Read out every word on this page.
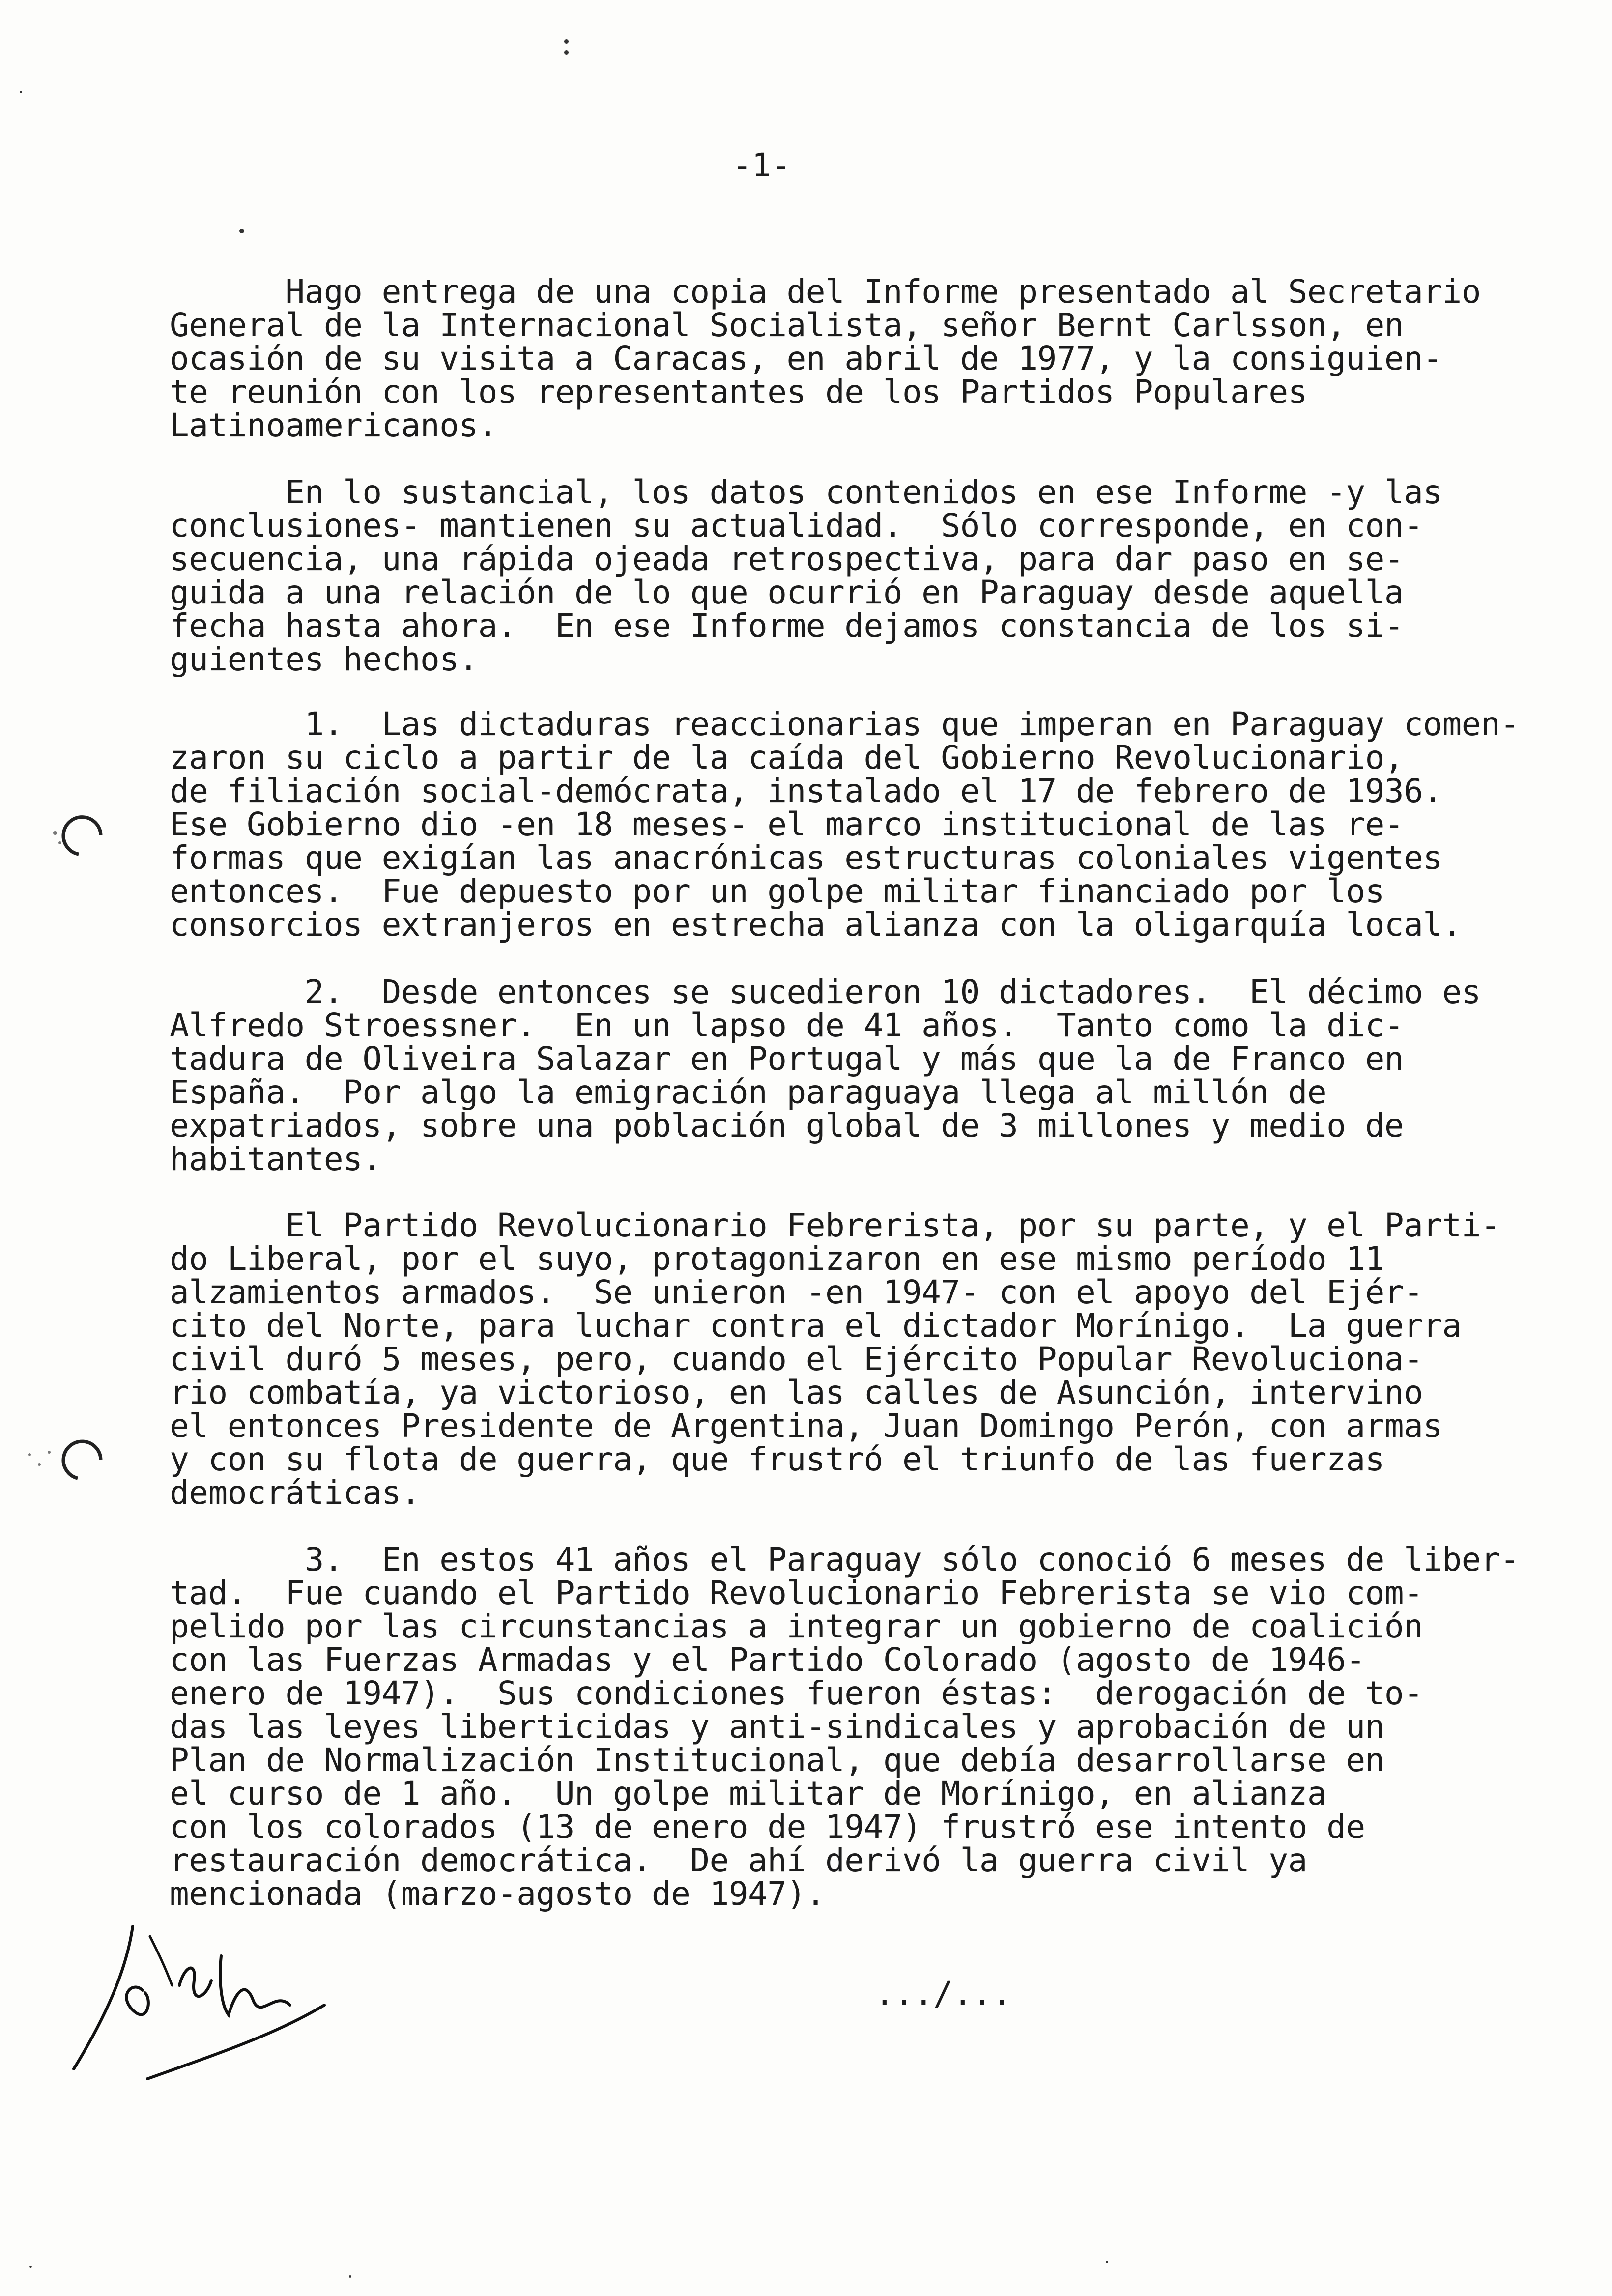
-1-
Hago entrega de una copia del Informe presentado al Secretario
General de la Internacional Socialista, señor Bernt Carlsson, en
ocasión de su visita a Caracas, en abril de 1977, y la consiguien-
te reunión con los representantes de los Partidos Populares
Latinoamericanos.
En lo sustancial, los datos contenidos en ese Informe -y las
conclusiones- mantienen su actualidad.  Sólo corresponde, en con-
secuencia, una rápida ojeada retrospectiva, para dar paso en se-
guida a una relación de lo que ocurrió en Paraguay desde aquella
fecha hasta ahora.  En ese Informe dejamos constancia de los si-
guientes hechos.
1.  Las dictaduras reaccionarias que imperan en Paraguay comen-
zaron su ciclo a partir de la caída del Gobierno Revolucionario,
de filiación social-demócrata, instalado el 17 de febrero de 1936.
Ese Gobierno dio -en 18 meses- el marco institucional de las re-
formas que exigían las anacrónicas estructuras coloniales vigentes
entonces.  Fue depuesto por un golpe militar financiado por los
consorcios extranjeros en estrecha alianza con la oligarquía local.
2.  Desde entonces se sucedieron 10 dictadores.  El décimo es
Alfredo Stroessner.  En un lapso de 41 años.  Tanto como la dic-
tadura de Oliveira Salazar en Portugal y más que la de Franco en
España.  Por algo la emigración paraguaya llega al millón de
expatriados, sobre una población global de 3 millones y medio de
habitantes.
El Partido Revolucionario Febrerista, por su parte, y el Parti-
do Liberal, por el suyo, protagonizaron en ese mismo período 11
alzamientos armados.  Se unieron -en 1947- con el apoyo del Ejér-
cito del Norte, para luchar contra el dictador Morínigo.  La guerra
civil duró 5 meses, pero, cuando el Ejército Popular Revoluciona-
rio combatía, ya victorioso, en las calles de Asunción, intervino
el entonces Presidente de Argentina, Juan Domingo Perón, con armas
y con su flota de guerra, que frustró el triunfo de las fuerzas
democráticas.
3.  En estos 41 años el Paraguay sólo conoció 6 meses de liber-
tad.  Fue cuando el Partido Revolucionario Febrerista se vio com-
pelido por las circunstancias a integrar un gobierno de coalición
con las Fuerzas Armadas y el Partido Colorado (agosto de 1946-
enero de 1947).  Sus condiciones fueron éstas:  derogación de to-
das las leyes liberticidas y anti-sindicales y aprobación de un
Plan de Normalización Institucional, que debía desarrollarse en
el curso de 1 año.  Un golpe militar de Morínigo, en alianza
con los colorados (13 de enero de 1947) frustró ese intento de
restauración democrática.  De ahí derivó la guerra civil ya
mencionada (marzo-agosto de 1947).
.../...
